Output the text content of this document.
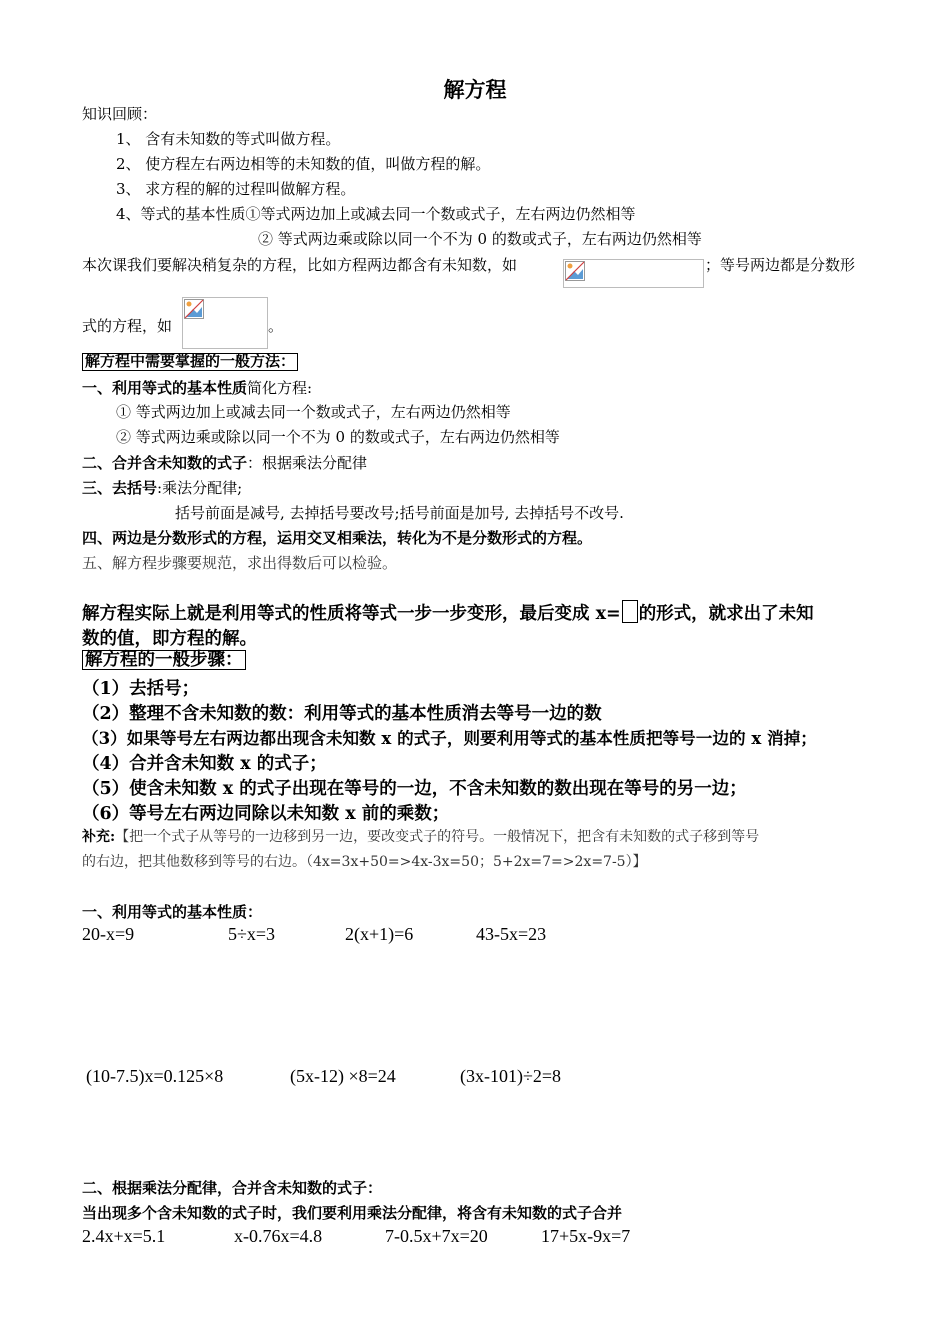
解方程
知识回顾：
1、 含有未知数的等式叫做方程。
2、 使方程左右两边相等的未知数的值，叫做方程的解。
3、 求方程的解的过程叫做解方程。
4、等式的基本性质①等式两边加上或减去同一个数或式子，左右两边仍然相等
② 等式两边乘或除以同一个不为 0 的数或式子，左右两边仍然相等
本次课我们要解决稍复杂的方程，比如方程两边都含有未知数，如	；等号两边都是分数形
式的方程，如	。
解方程中需要掌握的一般方法：
一、利用等式的基本性质简化方程:
① 等式两边加上或减去同一个数或式子，左右两边仍然相等
② 等式两边乘或除以同一个不为 0 的数或式子，左右两边仍然相等
二、合并含未知数的式子：根据乘法分配律
三、去括号:乘法分配律;
括号前面是减号, 去掉括号要改号;括号前面是加号, 去掉括号不改号.
四、两边是分数形式的方程，运用交叉相乘法，转化为不是分数形式的方程。
五、解方程步骤要规范，求出得数后可以检验。
解方程实际上就是利用等式的性质将等式一步一步变形，最后变成 x= 的形式，就求出了未知
数的值，即方程的解。
解方程的一般步骤：
（1）去括号；
（2）整理不含未知数的数：利用等式的基本性质消去等号一边的数
（3）如果等号左右两边都出现含未知数 x 的式子，则要利用等式的基本性质把等号一边的 x 消掉；
（4）合并含未知数 x 的式子；
（5）使含未知数 x 的式子出现在等号的一边，不含未知数的数出现在等号的另一边；
（6）等号左右两边同除以未知数 x 前的乘数；
补充:【把一个式子从等号的一边移到另一边，要改变式子的符号。一般情况下，把含有未知数的式子移到等号
的右边，把其他数移到等号的右边。（4x=3x+50=>4x-3x=50；5+2x=7=>2x=7-5）】
一、利用等式的基本性质：
20-x=9	5÷x=3	2(x+1)=6	43-5x=23
(10-7.5)x=0.125×8	(5x-12) ×8=24	(3x-101)÷2=8
二、根据乘法分配律，合并含未知数的式子：
当出现多个含未知数的式子时，我们要利用乘法分配律，将含有未知数的式子合并
2.4x+x=5.1	x-0.76x=4.8	7-0.5x+7x=20	17+5x-9x=7
